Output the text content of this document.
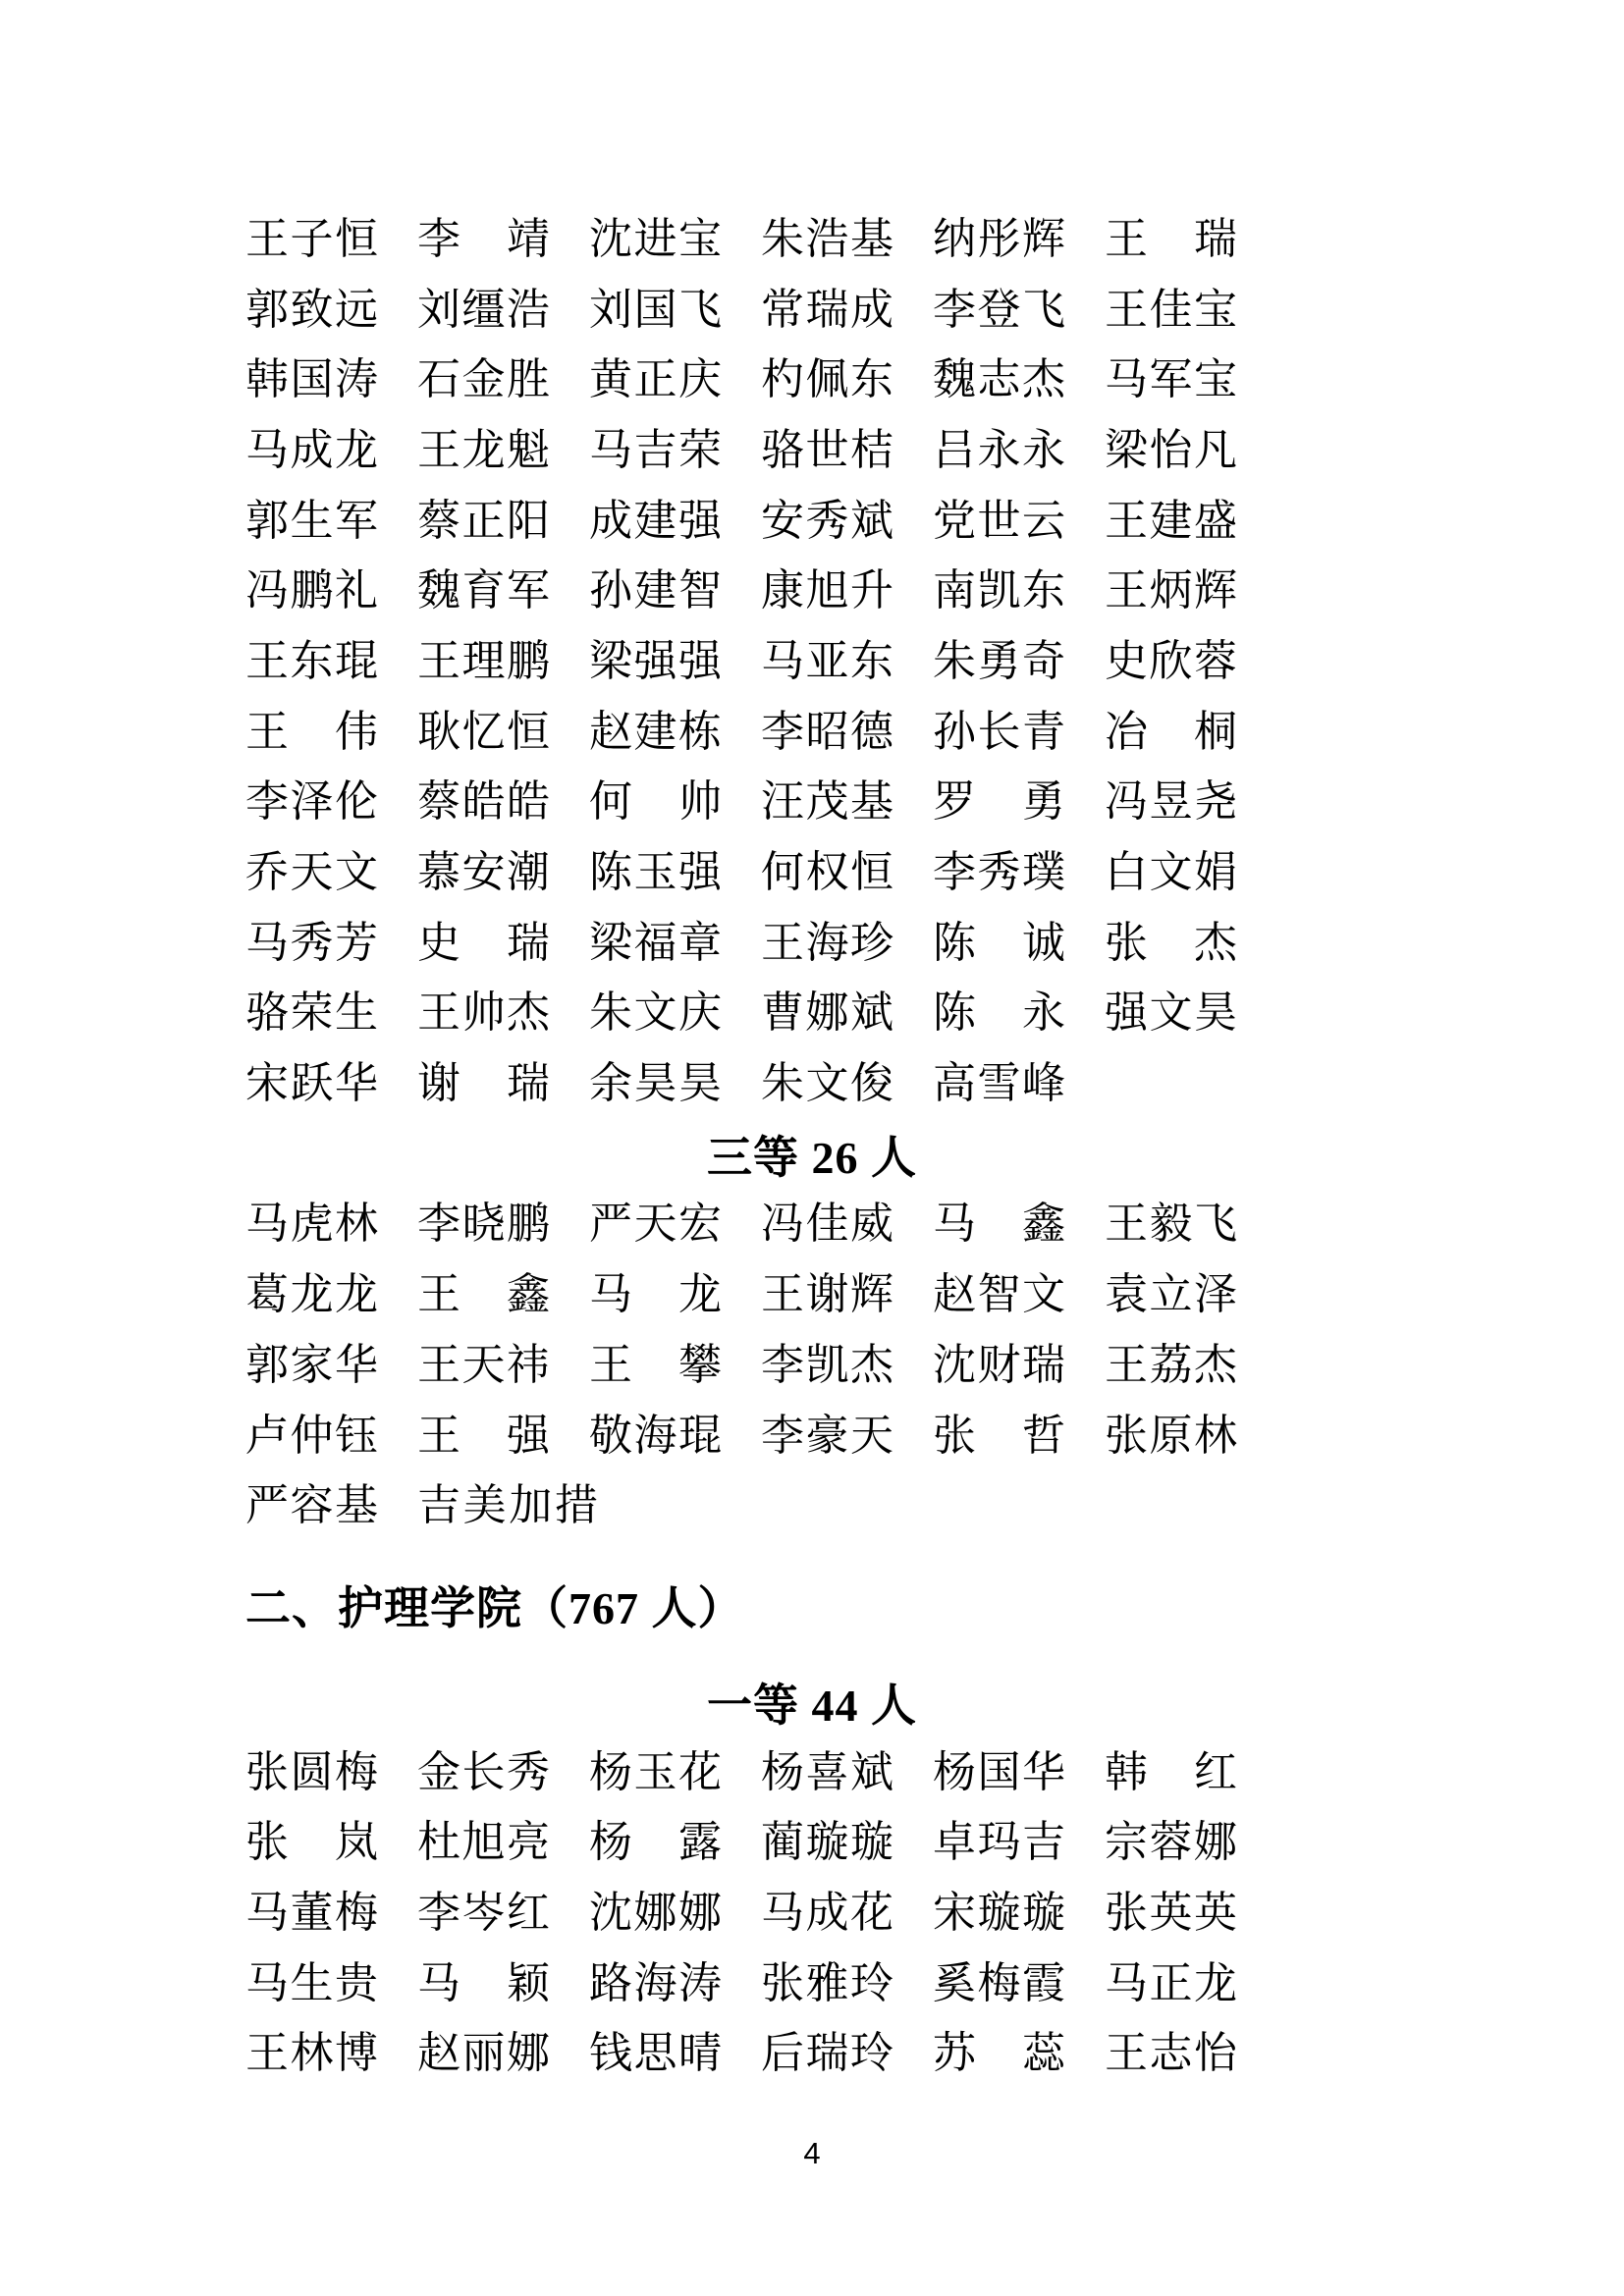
王子恒 李　靖 沈进宝 朱浩基 纳彤辉 王　瑞
郭致远 刘缰浩 刘国飞 常瑞成 李登飞 王佳宝
韩国涛 石金胜 黄正庆 杓佩东 魏志杰 马军宝
马成龙 王龙魁 马吉荣 骆世桔 吕永永 梁怡凡
郭生军 蔡正阳 成建强 安秀斌 党世云 王建盛
冯鹏礼 魏育军 孙建智 康旭升 南凯东 王炳辉
王东琨 王理鹏 梁强强 马亚东 朱勇奇 史欣蓉
王　伟 耿忆恒 赵建栋 李昭德 孙长青 冶　桐
李泽伦 蔡皓皓 何　帅 汪茂基 罗　勇 冯昱尧
乔天文 慕安潮 陈玉强 何权恒 李秀璞 白文娟
马秀芳 史　瑞 梁福章 王海珍 陈　诚 张　杰
骆荣生 王帅杰 朱文庆 曹娜斌 陈　永 强文昊
宋跃华 谢　瑞 余昊昊 朱文俊 高雪峰
三等 26 人
马虎林 李晓鹏 严天宏 冯佳威 马　鑫 王毅飞
葛龙龙 王　鑫 马　龙 王谢辉 赵智文 袁立泽
郭家华 王天祎 王　攀 李凯杰 沈财瑞 王荔杰
卢仲钰 王　强 敬海琨 李豪天 张　哲 张原林
严容基 吉美加措
二、护理学院（767 人）
一等 44 人
张圆梅 金长秀 杨玉花 杨喜斌 杨国华 韩　红
张　岚 杜旭亮 杨　露 蔺璇璇 卓玛吉 宗蓉娜
马董梅 李岑红 沈娜娜 马成花 宋璇璇 张英英
马生贵 马　颖 路海涛 张雅玲 奚梅霞 马正龙
王林博 赵丽娜 钱思晴 后瑞玲 苏　蕊 王志怡
4
